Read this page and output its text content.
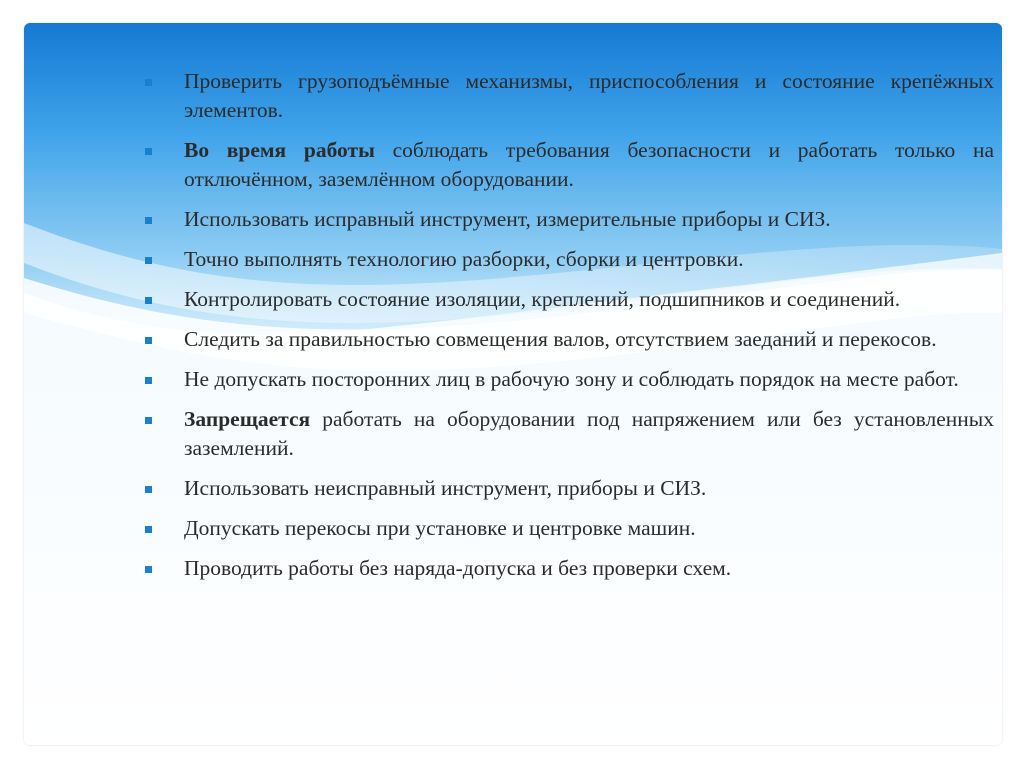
Проверить грузоподъёмные механизмы, приспособления и состояние крепёжных элементов.
Во время работы соблюдать требования безопасности и работать только на отключённом, заземлённом оборудовании.
Использовать исправный инструмент, измерительные приборы и СИЗ.
Точно выполнять технологию разборки, сборки и центровки.
Контролировать состояние изоляции, креплений, подшипников и соединений.
Следить за правильностью совмещения валов, отсутствием заеданий и перекосов.
Не допускать посторонних лиц в рабочую зону и соблюдать порядок на месте работ.
Запрещается работать на оборудовании под напряжением или без установленных заземлений.
Использовать неисправный инструмент, приборы и СИЗ.
Допускать перекосы при установке и центровке машин.
Проводить работы без наряда-допуска и без проверки схем.
